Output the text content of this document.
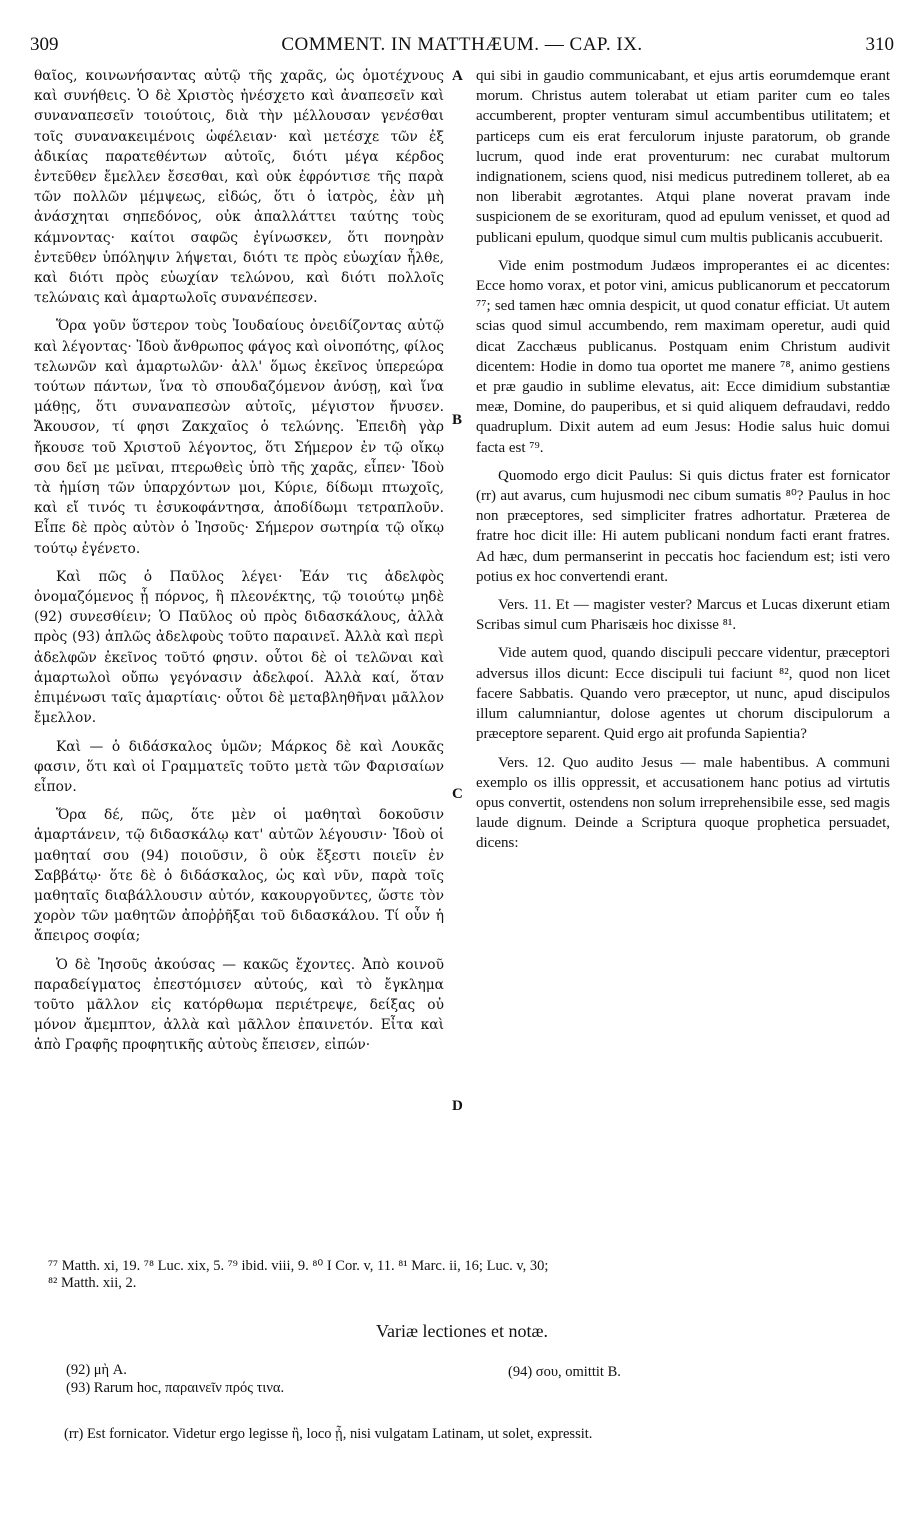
309	COMMENT. IN MATTHÆUM. — CAP. IX.	310

θαῖος, κοινωνήσαντας αὐτῷ τῆς χαρᾶς, ὡς ὁμοτέχνους καὶ συνήθεις. Ὁ δὲ Χριστὸς ἠνέσχετο καὶ ἀναπεσεῖν καὶ συναναπεσεῖν τοιούτοις, διὰ τὴν μέλλουσαν γενέσθαι τοῖς συνανακειμένοις ὠφέλειαν· καὶ μετέσχε τῶν ἐξ ἀδικίας παρατεθέντων αὐτοῖς, διότι μέγα κέρδος ἐντεῦθεν ἔμελλεν ἔσεσθαι, καὶ οὐκ ἐφρόντισε τῆς παρὰ τῶν πολλῶν μέμψεως, εἰδώς, ὅτι ὁ ἰατρὸς, ἐὰν μὴ ἀνάσχηται σηπεδόνος, οὐκ ἀπαλλάττει ταύτης τοὺς κάμνοντας· καίτοι σαφῶς ἐγίνωσκεν, ὅτι πονηρὰν ἐντεῦθεν ὑπόληψιν λήψεται, διότι τε πρὸς εὐωχίαν ἦλθε, καὶ διότι πρὸς εὐωχίαν τελώνου, καὶ διότι πολλοῖς τελώναις καὶ ἁμαρτωλοῖς συνανέπεσεν.

Ὅρα γοῦν ὕστερον τοὺς Ἰουδαίους ὀνειδίζοντας αὐτῷ καὶ λέγοντας· Ἰδοὺ ἄνθρωπος φάγος καὶ οἰνοπότης, φίλος τελωνῶν καὶ ἁμαρτωλῶν· ἀλλ' ὅμως ἐκεῖνος ὑπερεώρα τούτων πάντων, ἵνα τὸ σπουδαζόμενον ἀνύσῃ, καὶ ἵνα μάθῃς, ὅτι συναναπεσὼν αὐτοῖς, μέγιστον ἤνυσεν. Ἄκουσον, τί φησι Ζακχαῖος ὁ τελώνης. Ἐπειδὴ γὰρ ἤκουσε τοῦ Χριστοῦ λέγοντος, ὅτι Σήμερον ἐν τῷ οἴκῳ σου δεῖ με μεῖναι, πτερωθεὶς ὑπὸ τῆς χαρᾶς, εἶπεν· Ἰδοὺ τὰ ἡμίση τῶν ὑπαρχόντων μοι, Κύριε, δίδωμι πτωχοῖς, καὶ εἴ τινός τι ἐσυκοφάντησα, ἀποδίδωμι τετραπλοῦν. Εἶπε δὲ πρὸς αὐτὸν ὁ Ἰησοῦς· Σήμερον σωτηρία τῷ οἴκῳ τούτῳ ἐγένετο.

Καὶ πῶς ὁ Παῦλος λέγει· Ἐάν τις ἀδελφὸς ὀνομαζόμενος ᾖ πόρνος, ἢ πλεονέκτης, τῷ τοιούτῳ μηδὲ (92) συνεσθίειν; Ὁ Παῦλος οὐ πρὸς διδασκάλους, ἀλλὰ πρὸς (93) ἁπλῶς ἀδελφοὺς τοῦτο παραινεῖ. Ἀλλὰ καὶ περὶ ἀδελφῶν ἐκεῖνος τοῦτό φησιν. οὗτοι δὲ οἱ τελῶναι καὶ ἁμαρτωλοὶ οὔπω γεγόνασιν ἀδελφοί. Ἀλλὰ καί, ὅταν ἐπιμένωσι ταῖς ἁμαρτίαις· οὗτοι δὲ μεταβληθῆναι μᾶλλον ἔμελλον.

Καὶ — ὁ διδάσκαλος ὑμῶν; Μάρκος δὲ καὶ Λουκᾶς φασιν, ὅτι καὶ οἱ Γραμματεῖς τοῦτο μετὰ τῶν Φαρισαίων εἶπον.

Ὅρα δέ, πῶς, ὅτε μὲν οἱ μαθηταὶ δοκοῦσιν ἁμαρτάνειν, τῷ διδασκάλῳ κατ' αὐτῶν λέγουσιν· Ἰδοὺ οἱ μαθηταί σου (94) ποιοῦσιν, ὃ οὐκ ἔξεστι ποιεῖν ἐν Σαββάτῳ· ὅτε δὲ ὁ διδάσκαλος, ὡς καὶ νῦν, παρὰ τοῖς μαθηταῖς διαβάλλουσιν αὐτόν, κακουργοῦντες, ὥστε τὸν χορὸν τῶν μαθητῶν ἀποῤῥῆξαι τοῦ διδασκάλου. Τί οὖν ἡ ἄπειρος σοφία;

Ὁ δὲ Ἰησοῦς ἀκούσας — κακῶς ἔχοντες. Ἀπὸ κοινοῦ παραδείγματος ἐπεστόμισεν αὐτούς, καὶ τὸ ἔγκλημα τοῦτο μᾶλλον εἰς κατόρθωμα περιέτρεψε, δείξας οὐ μόνον ἄμεμπτον, ἀλλὰ καὶ μᾶλλον ἐπαινετόν. Εἶτα καὶ ἀπὸ Γραφῆς προφητικῆς αὐτοὺς ἔπεισεν, εἰπών·

A
B
C
D

qui sibi in gaudio communicabant, et ejus artis eorumdemque erant morum. Christus autem tolerabat ut etiam pariter cum eo tales accumberent, propter venturam simul accumbentibus utilitatem; et particeps cum eis erat ferculorum injuste paratorum, ob grande lucrum, quod inde erat proventurum: nec curabat multorum indignationem, sciens quod, nisi medicus putredinem tolleret, ab ea non liberabit ægrotantes. Atqui plane noverat pravam inde suspicionem de se exorituram, quod ad epulum venisset, et quod ad publicani epulum, quodque simul cum multis publicanis accubuerit.

Vide enim postmodum Judæos improperantes ei ac dicentes: Ecce homo vorax, et potor vini, amicus publicanorum et peccatorum ⁷⁷; sed tamen hæc omnia despicit, ut quod conatur efficiat. Ut autem scias quod simul accumbendo, rem maximam operetur, audi quid dicat Zacchæus publicanus. Postquam enim Christum audivit dicentem: Hodie in domo tua oportet me manere ⁷⁸, animo gestiens et præ gaudio in sublime elevatus, ait: Ecce dimidium substantiæ meæ, Domine, do pauperibus, et si quid aliquem defraudavi, reddo quadruplum. Dixit autem ad eum Jesus: Hodie salus huic domui facta est ⁷⁹.

Quomodo ergo dicit Paulus: Si quis dictus frater est fornicator (rr) aut avarus, cum hujusmodi nec cibum sumatis ⁸⁰? Paulus in hoc non præceptores, sed simpliciter fratres adhortatur. Præterea de fratre hoc dicit ille: Hi autem publicani nondum facti erant fratres. Ad hæc, dum permanserint in peccatis hoc faciendum est; isti vero potius ex hoc convertendi erant.

Vers. 11. Et — magister vester? Marcus et Lucas dixerunt etiam Scribas simul cum Pharisæis hoc dixisse ⁸¹.

Vide autem quod, quando discipuli peccare videntur, præceptori adversus illos dicunt: Ecce discipuli tui faciunt ⁸², quod non licet facere Sabbatis. Quando vero præceptor, ut nunc, apud discipulos illum calumniantur, dolose agentes ut chorum discipulorum a præceptore separent. Quid ergo ait profunda Sapientia?

Vers. 12. Quo audito Jesus — male habentibus. A communi exemplo os illis oppressit, et accusationem hanc potius ad virtutis opus convertit, ostendens non solum irreprehensibile esse, sed magis laude dignum. Deinde a Scriptura quoque prophetica persuadet, dicens:

⁷⁷ Matth. xi, 19. ⁷⁸ Luc. xix, 5. ⁷⁹ ibid. viii, 9. ⁸⁰ I Cor. v, 11. ⁸¹ Marc. ii, 16; Luc. v, 30;
⁸² Matth. xii, 2.
Variæ lectiones et notæ.
(92) μὴ A.
(93) Rarum hoc, παραινεῖν πρός τινα.
(94) σου, omittit B.
(rr) Est fornicator. Videtur ergo legisse ἢ, loco ᾖ, nisi vulgatam Latinam, ut solet, expressit.
